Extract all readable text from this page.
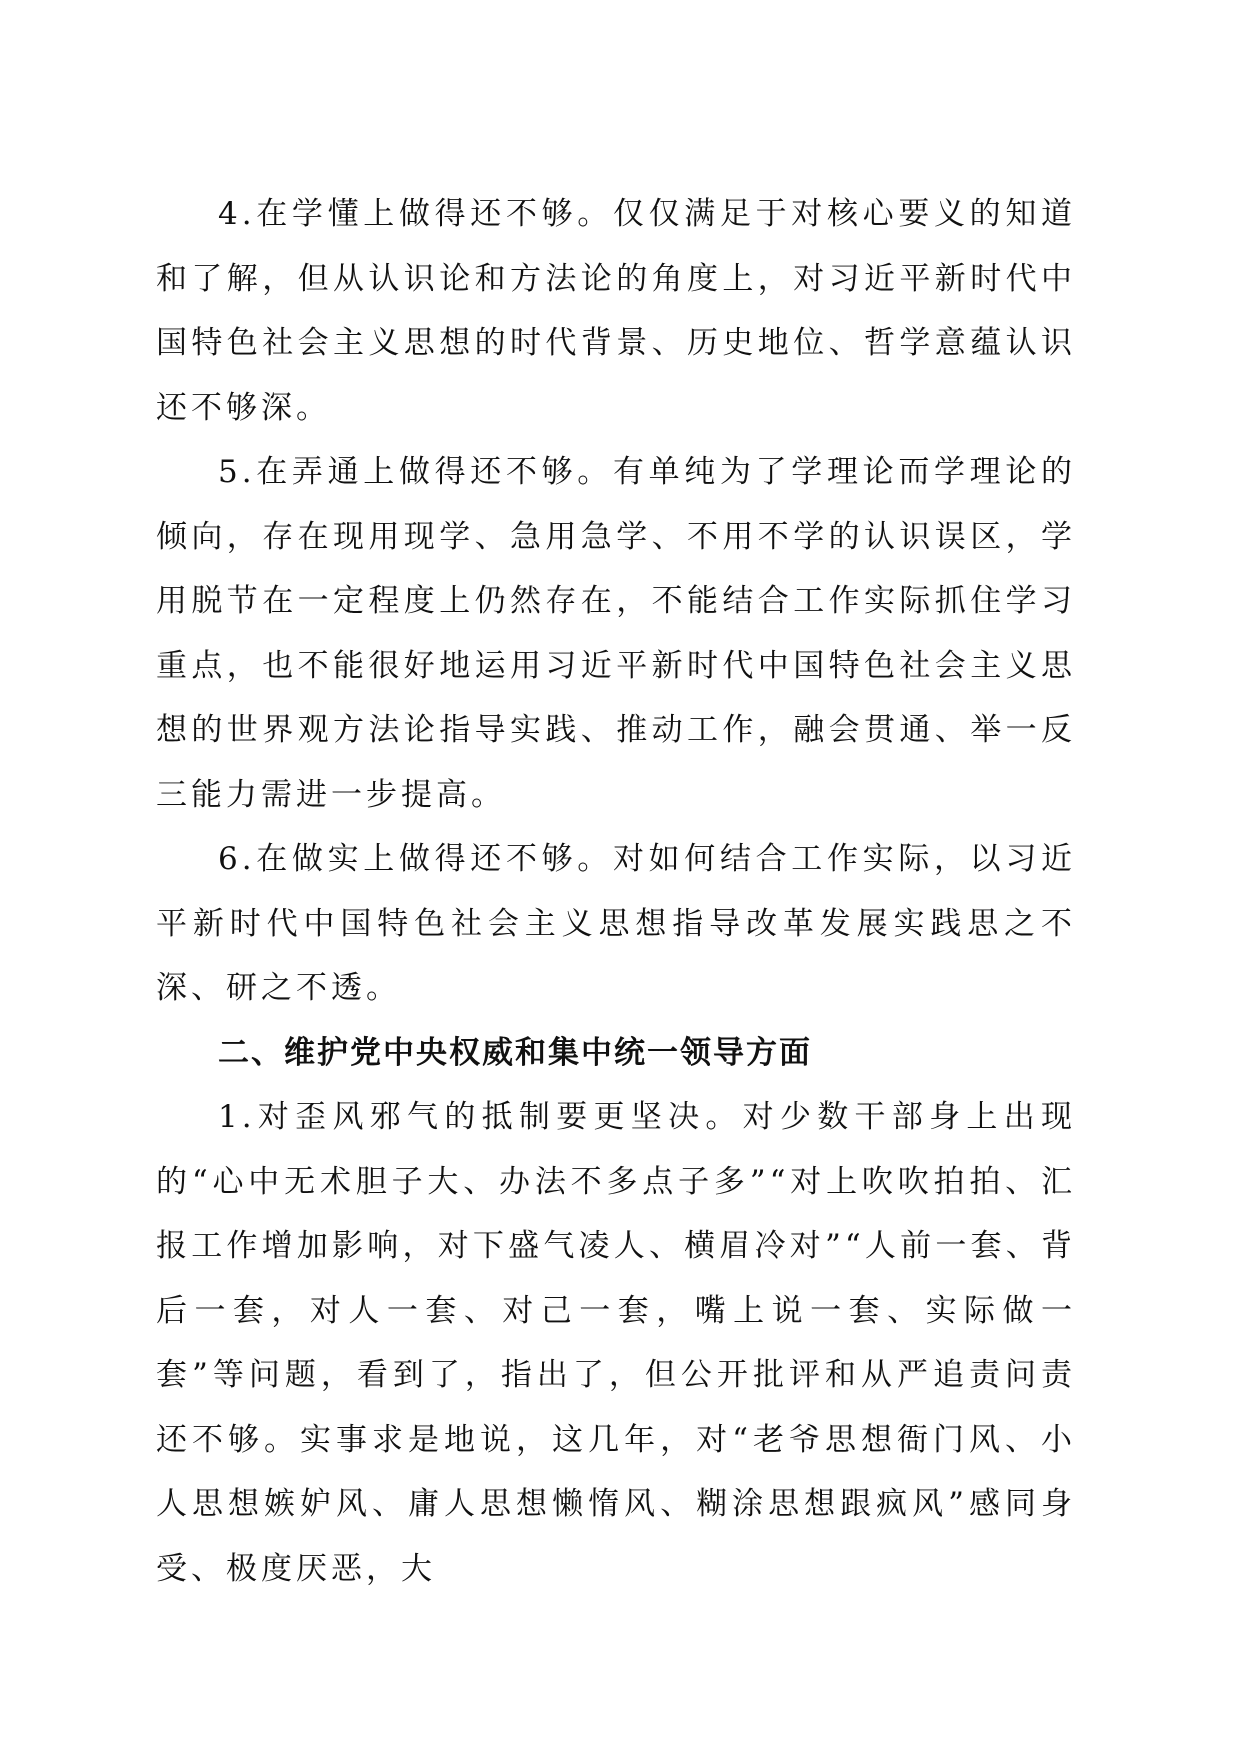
4.在学懂上做得还不够。仅仅满足于对核心要义的知道和了解，但从认识论和方法论的角度上，对习近平新时代中国特色社会主义思想的时代背景、历史地位、哲学意蕴认识还不够深。

5.在弄通上做得还不够。有单纯为了学理论而学理论的倾向，存在现用现学、急用急学、不用不学的认识误区，学用脱节在一定程度上仍然存在，不能结合工作实际抓住学习重点，也不能很好地运用习近平新时代中国特色社会主义思想的世界观方法论指导实践、推动工作，融会贯通、举一反三能力需进一步提高。

6.在做实上做得还不够。对如何结合工作实际，以习近平新时代中国特色社会主义思想指导改革发展实践思之不深、研之不透。

二、维护党中央权威和集中统一领导方面

1.对歪风邪气的抵制要更坚决。对少数干部身上出现的“心中无术胆子大、办法不多点子多”“对上吹吹拍拍、汇报工作增加影响，对下盛气凌人、横眉冷对”“人前一套、背后一套，对人一套、对己一套，嘴上说一套、实际做一套”等问题，看到了，指出了，但公开批评和从严追责问责还不够。实事求是地说，这几年，对“老爷思想衙门风、小人思想嫉妒风、庸人思想懒惰风、糊涂思想跟疯风”感同身受、极度厌恶，大
